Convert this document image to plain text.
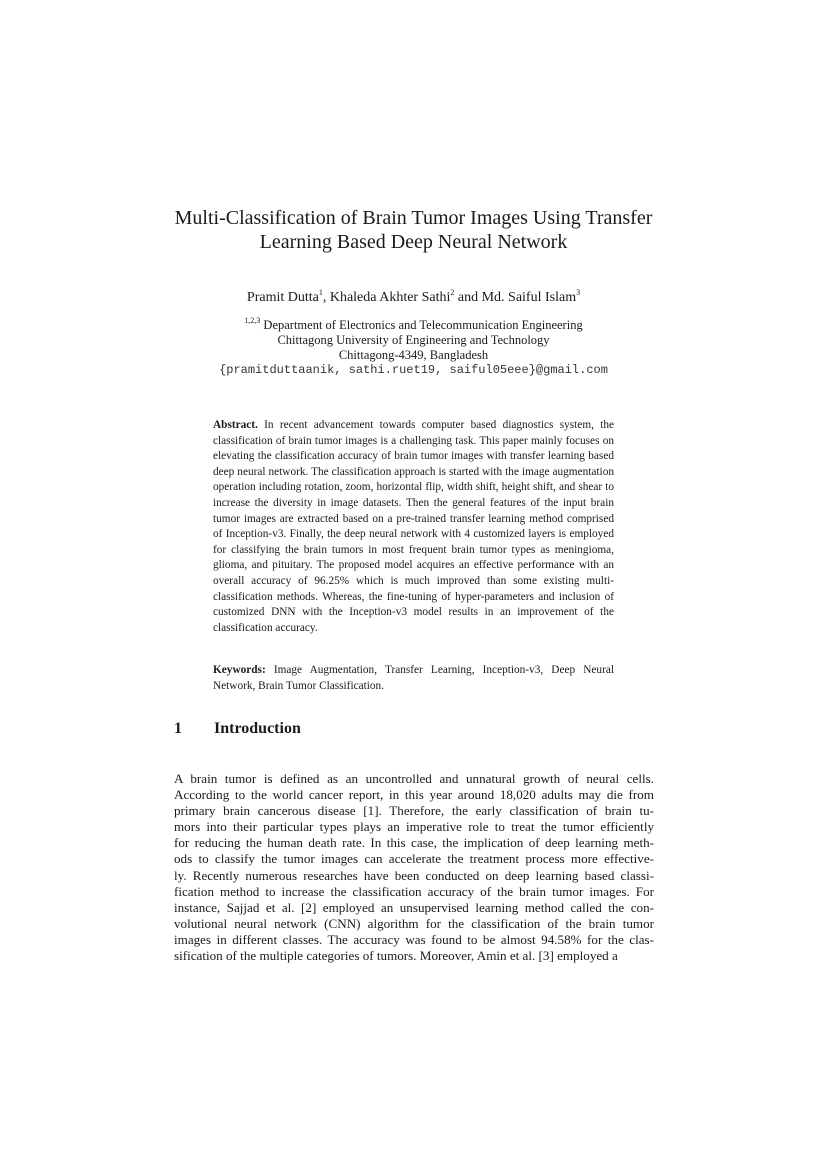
Multi-Classification of Brain Tumor Images Using Transfer
Learning Based Deep Neural Network
Pramit Dutta$^1$, Khaleda Akhter Sathi$^2$ and Md. Saiful Islam$^3$
$^{1,2,3}$ Department of Electronics and Telecommunication Engineering
Chittagong University of Engineering and Technology
Chittagong-4349, Bangladesh
{pramitduttaanik, sathi.ruet19, saiful05eee}@gmail.com
Abstract. In recent advancement towards computer based diagnostics system, the classification of brain tumor images is a challenging task. This paper mainly focuses on elevating the classification accuracy of brain tumor images with transfer learning based deep neural network. The classification approach is started with the image augmentation operation including rotation, zoom, horizontal flip, width shift, height shift, and shear to increase the diversity in image datasets. Then the general features of the input brain tumor images are extracted based on a pre-trained transfer learning method comprised of Inception-v3. Finally, the deep neural network with 4 customized layers is employed for classifying the brain tumors in most frequent brain tumor types as meningioma, glioma, and pituitary. The proposed model acquires an effective performance with an overall accuracy of 96.25% which is much improved than some existing multi-classification methods. Whereas, the fine-tuning of hyper-parameters and inclusion of customized DNN with the Inception-v3 model results in an improvement of the classification accuracy.
Keywords: Image Augmentation, Transfer Learning, Inception-v3, Deep Neural Network, Brain Tumor Classification.
1 Introduction
A brain tumor is defined as an uncontrolled and unnatural growth of neural cells.
According to the world cancer report, in this year around 18,020 adults may die from
primary brain cancerous disease [1]. Therefore, the early classification of brain tu-
mors into their particular types plays an imperative role to treat the tumor efficiently
for reducing the human death rate. In this case, the implication of deep learning meth-
ods to classify the tumor images can accelerate the treatment process more effective-
ly. Recently numerous researches have been conducted on deep learning based classi-
fication method to increase the classification accuracy of the brain tumor images. For
instance, Sajjad et al. [2] employed an unsupervised learning method called the con-
volutional neural network (CNN) algorithm for the classification of the brain tumor
images in different classes. The accuracy was found to be almost 94.58% for the clas-
sification of the multiple categories of tumors. Moreover, Amin et al. [3] employed a
